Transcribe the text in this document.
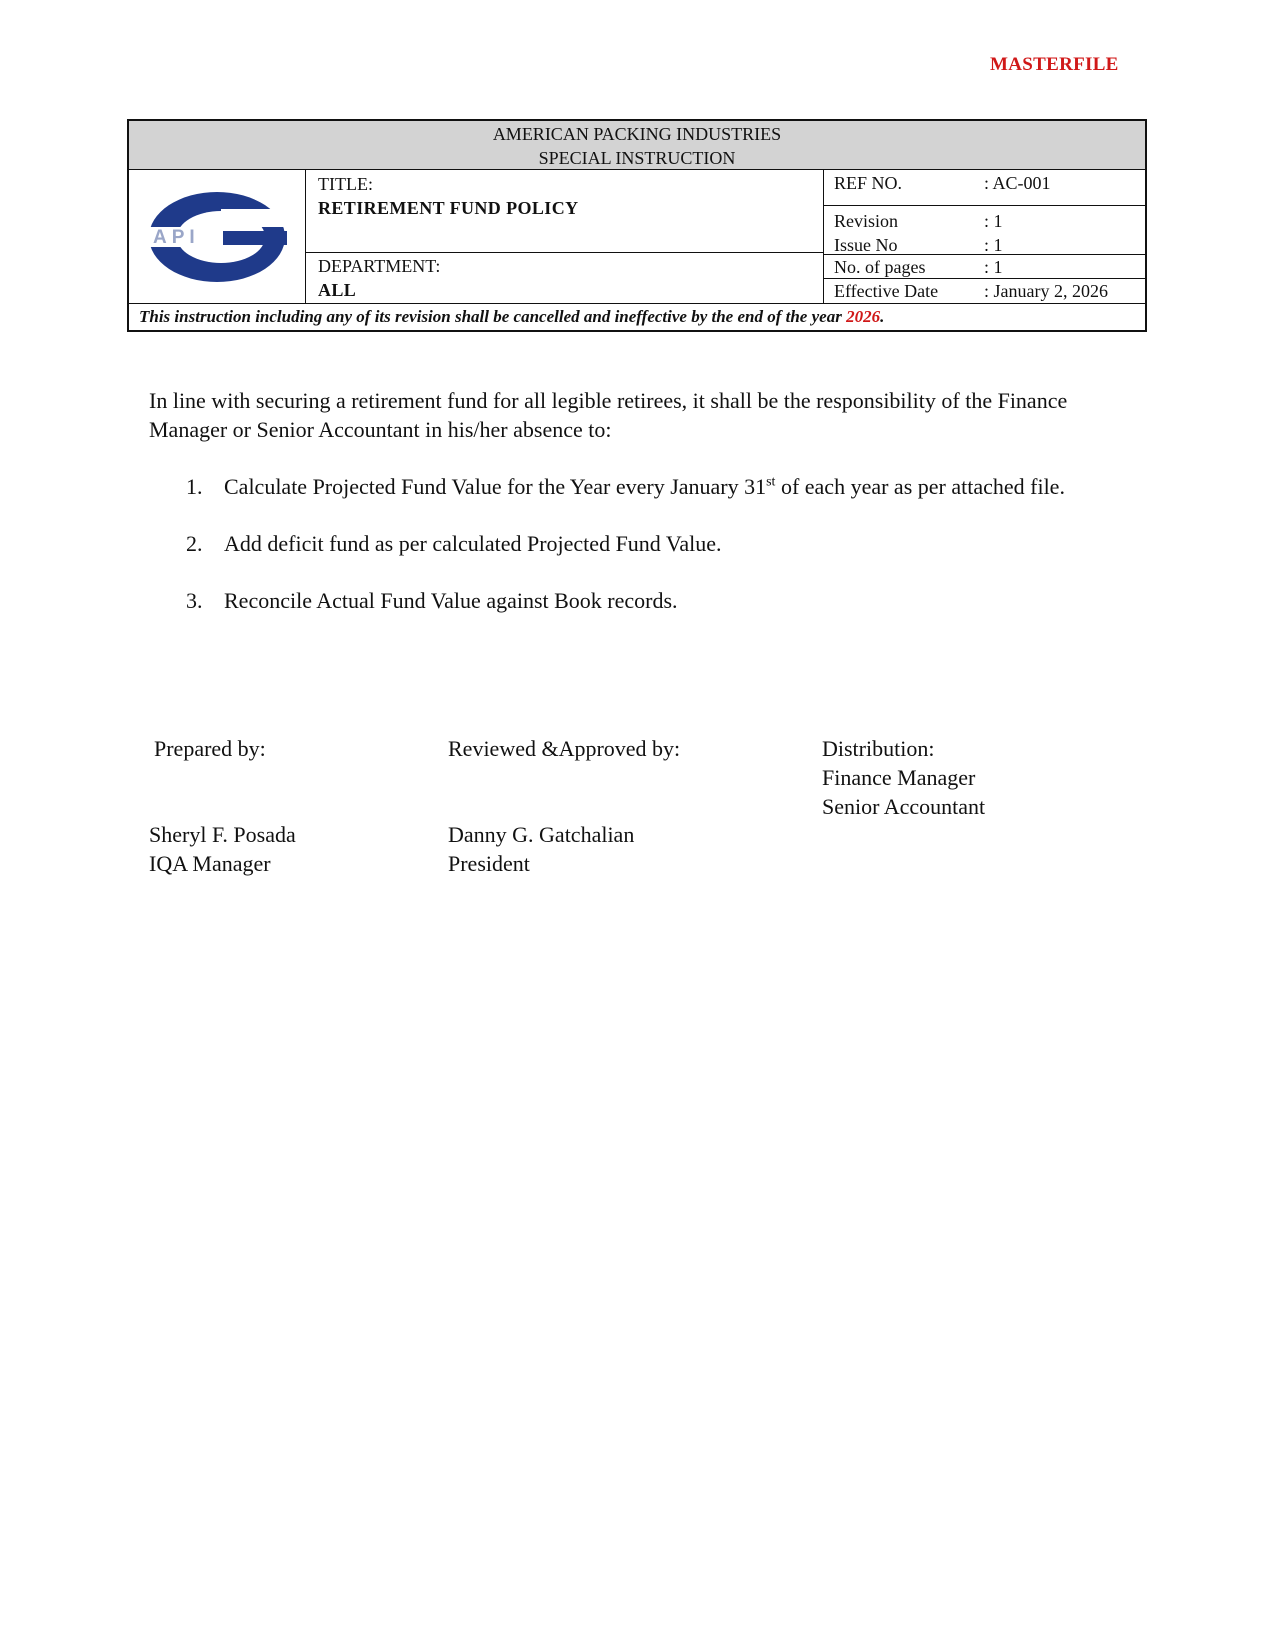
MASTERFILE
AMERICAN PACKING INDUSTRIES
SPECIAL INSTRUCTION
API
TITLE:
RETIREMENT FUND POLICY
DEPARTMENT:
ALL
REF NO.	: AC-001
Revision	: 1
Issue No	: 1
No. of pages	: 1
Effective Date	: January 2, 2026
This instruction including any of its revision shall be cancelled and ineffective by the end of the year 2026.
In line with securing a retirement fund for all legible retirees, it shall be the responsibility of the Finance Manager or Senior Accountant in his/her absence to:
1. Calculate Projected Fund Value for the Year every January 31st of each year as per attached file.
2. Add deficit fund as per calculated Projected Fund Value.
3. Reconcile Actual Fund Value against Book records.
Prepared by:	Reviewed &Approved by:	Distribution:
Finance Manager
Senior Accountant
Sheryl F. Posada
IQA Manager
Danny G. Gatchalian
President
